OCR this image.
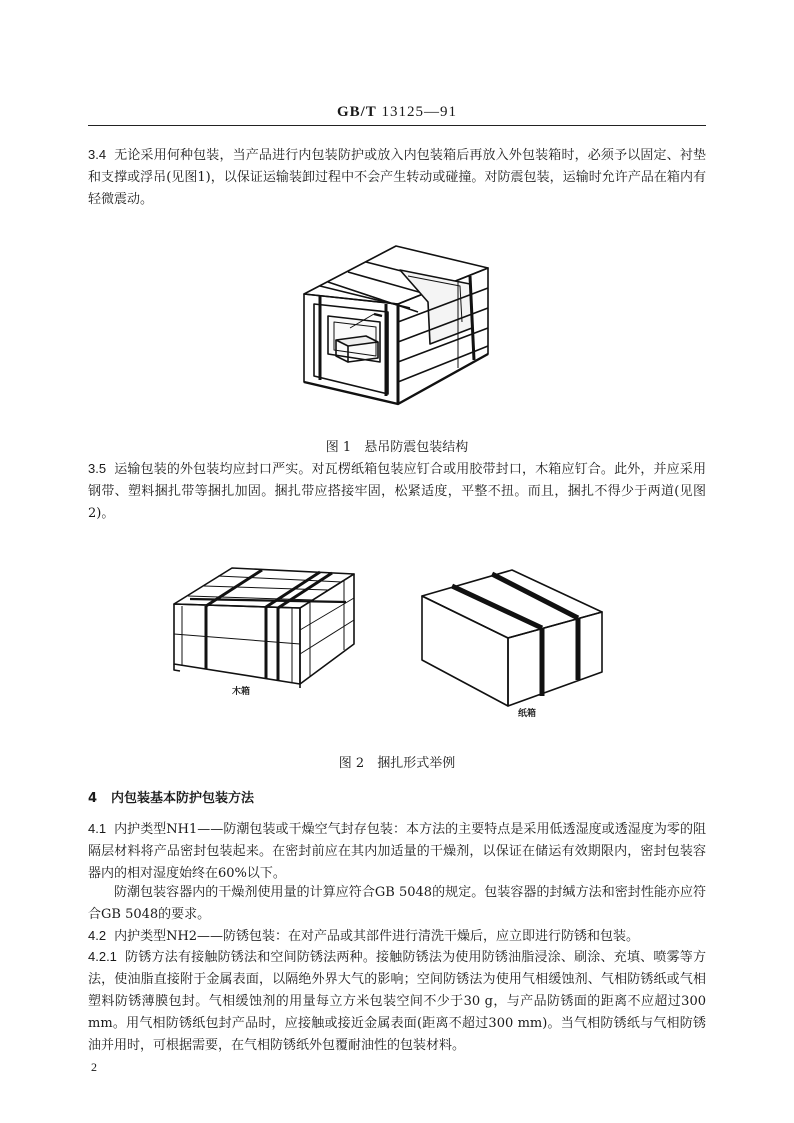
GB/T 13125—91

3.4 无论采用何种包装，当产品进行内包装防护或放入内包装箱后再放入外包装箱时，必须予以固定、衬垫和支撑或浮吊(见图1)，以保证运输装卸过程中不会产生转动或碰撞。对防震包装，运输时允许产品在箱内有轻微震动。

图 1　悬吊防震包装结构

3.5 运输包装的外包装均应封口严实。对瓦楞纸箱包装应钉合或用胶带封口，木箱应钉合。此外，并应采用钢带、塑料捆扎带等捆扎加固。捆扎带应搭接牢固，松紧适度，平整不扭。而且，捆扎不得少于两道(见图2)。

木箱
纸箱
图 2　捆扎形式举例
4 内包装基本防护包装方法

4.1 内护类型NH1——防潮包装或干燥空气封存包装：本方法的主要特点是采用低透湿度或透湿度为零的阻隔层材料将产品密封包装起来。在密封前应在其内加适量的干燥剂，以保证在储运有效期限内，密封包装容器内的相对湿度始终在60%以下。

防潮包装容器内的干燥剂使用量的计算应符合GB 5048的规定。包装容器的封缄方法和密封性能亦应符合GB 5048的要求。

4.2 内护类型NH2——防锈包装：在对产品或其部件进行清洗干燥后，应立即进行防锈和包装。

4.2.1 防锈方法有接触防锈法和空间防锈法两种。接触防锈法为使用防锈油脂浸涂、刷涂、充填、喷雾等方法，使油脂直接附于金属表面，以隔绝外界大气的影响；空间防锈法为使用气相缓蚀剂、气相防锈纸或气相塑料防锈薄膜包封。气相缓蚀剂的用量每立方米包装空间不少于30 g，与产品防锈面的距离不应超过300 mm。用气相防锈纸包封产品时，应接触或接近金属表面(距离不超过300 mm)。当气相防锈纸与气相防锈油并用时，可根据需要，在气相防锈纸外包覆耐油性的包装材料。

2
